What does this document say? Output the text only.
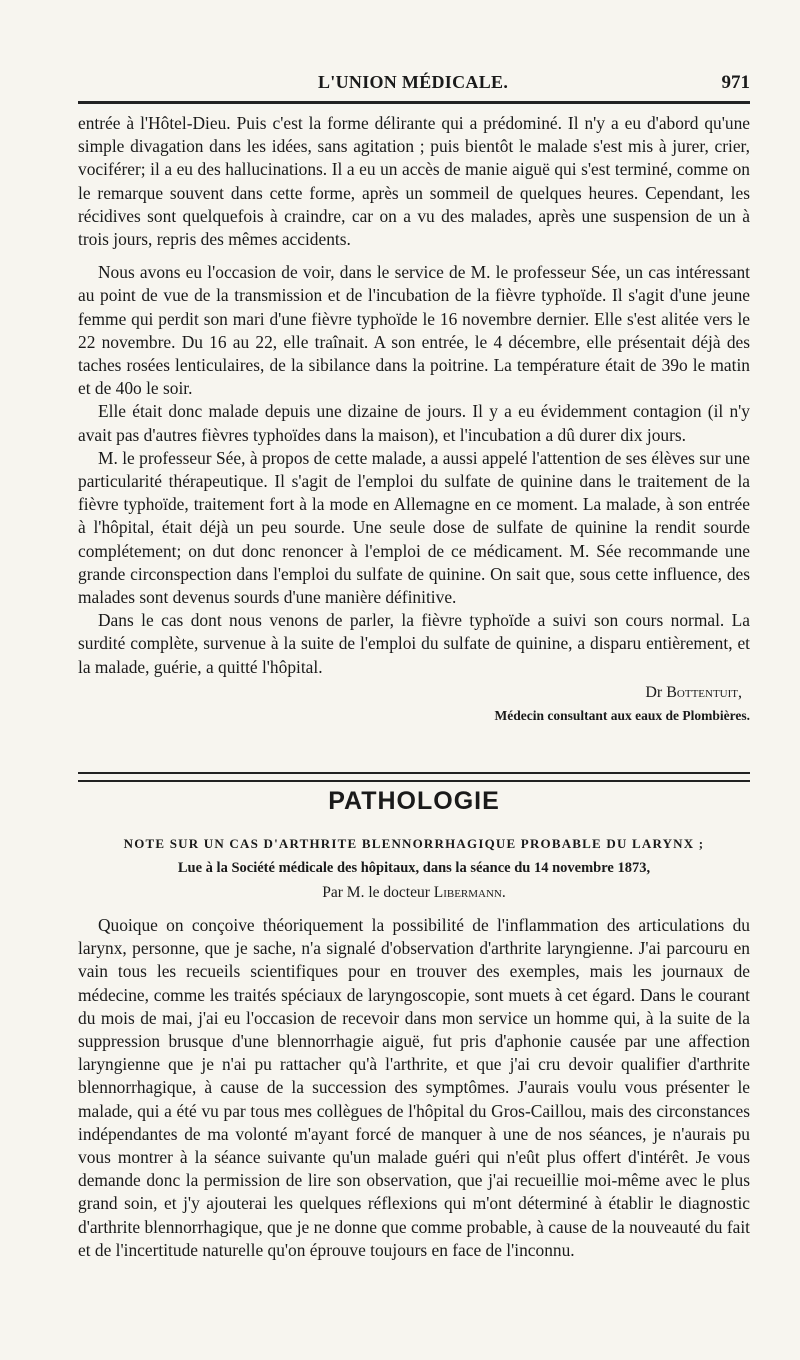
L'UNION MÉDICALE.	971

entrée à l'Hôtel-Dieu. Puis c'est la forme délirante qui a prédominé. Il n'y a eu d'abord qu'une simple divagation dans les idées, sans agitation ; puis bientôt le malade s'est mis à jurer, crier, vociférer; il a eu des hallucinations. Il a eu un accès de manie aiguë qui s'est terminé, comme on le remarque souvent dans cette forme, après un sommeil de quelques heures. Cependant, les récidives sont quelquefois à craindre, car on a vu des malades, après une suspension de un à trois jours, repris des mêmes accidents.

Nous avons eu l'occasion de voir, dans le service de M. le professeur Sée, un cas intéressant au point de vue de la transmission et de l'incubation de la fièvre typhoïde. Il s'agit d'une jeune femme qui perdit son mari d'une fièvre typhoïde le 16 novembre dernier. Elle s'est alitée vers le 22 novembre. Du 16 au 22, elle traînait. A son entrée, le 4 décembre, elle présentait déjà des taches rosées lenticulaires, de la sibilance dans la poitrine. La température était de 39o le matin et de 40o le soir.

Elle était donc malade depuis une dizaine de jours. Il y a eu évidemment contagion (il n'y avait pas d'autres fièvres typhoïdes dans la maison), et l'incubation a dû durer dix jours.

M. le professeur Sée, à propos de cette malade, a aussi appelé l'attention de ses élèves sur une particularité thérapeutique. Il s'agit de l'emploi du sulfate de quinine dans le traitement de la fièvre typhoïde, traitement fort à la mode en Allemagne en ce moment. La malade, à son entrée à l'hôpital, était déjà un peu sourde. Une seule dose de sulfate de quinine la rendit sourde complétement; on dut donc renoncer à l'emploi de ce médicament. M. Sée recommande une grande circonspection dans l'emploi du sulfate de quinine. On sait que, sous cette influence, des malades sont devenus sourds d'une manière définitive.

Dans le cas dont nous venons de parler, la fièvre typhoïde a suivi son cours normal. La surdité complète, survenue à la suite de l'emploi du sulfate de quinine, a disparu entièrement, et la malade, guérie, a quitté l'hôpital.

Dr Bottentuit,
Médecin consultant aux eaux de Plombières.
PATHOLOGIE
NOTE SUR UN CAS D'ARTHRITE BLENNORRHAGIQUE PROBABLE DU LARYNX ;
Lue à la Société médicale des hôpitaux, dans la séance du 14 novembre 1873,
Par M. le docteur Libermann.

Quoique on conçoive théoriquement la possibilité de l'inflammation des articulations du larynx, personne, que je sache, n'a signalé d'observation d'arthrite laryngienne. J'ai parcouru en vain tous les recueils scientifiques pour en trouver des exemples, mais les journaux de médecine, comme les traités spéciaux de laryngoscopie, sont muets à cet égard. Dans le courant du mois de mai, j'ai eu l'occasion de recevoir dans mon service un homme qui, à la suite de la suppression brusque d'une blennorrhagie aiguë, fut pris d'aphonie causée par une affection laryngienne que je n'ai pu rattacher qu'à l'arthrite, et que j'ai cru devoir qualifier d'arthrite blennorrhagique, à cause de la succession des symptômes. J'aurais voulu vous présenter le malade, qui a été vu par tous mes collègues de l'hôpital du Gros-Caillou, mais des circonstances indépendantes de ma volonté m'ayant forcé de manquer à une de nos séances, je n'aurais pu vous montrer à la séance suivante qu'un malade guéri qui n'eût plus offert d'intérêt. Je vous demande donc la permission de lire son observation, que j'ai recueillie moi-même avec le plus grand soin, et j'y ajouterai les quelques réflexions qui m'ont déterminé à établir le diagnostic d'arthrite blennorrhagique, que je ne donne que comme probable, à cause de la nouveauté du fait et de l'incertitude naturelle qu'on éprouve toujours en face de l'inconnu.
